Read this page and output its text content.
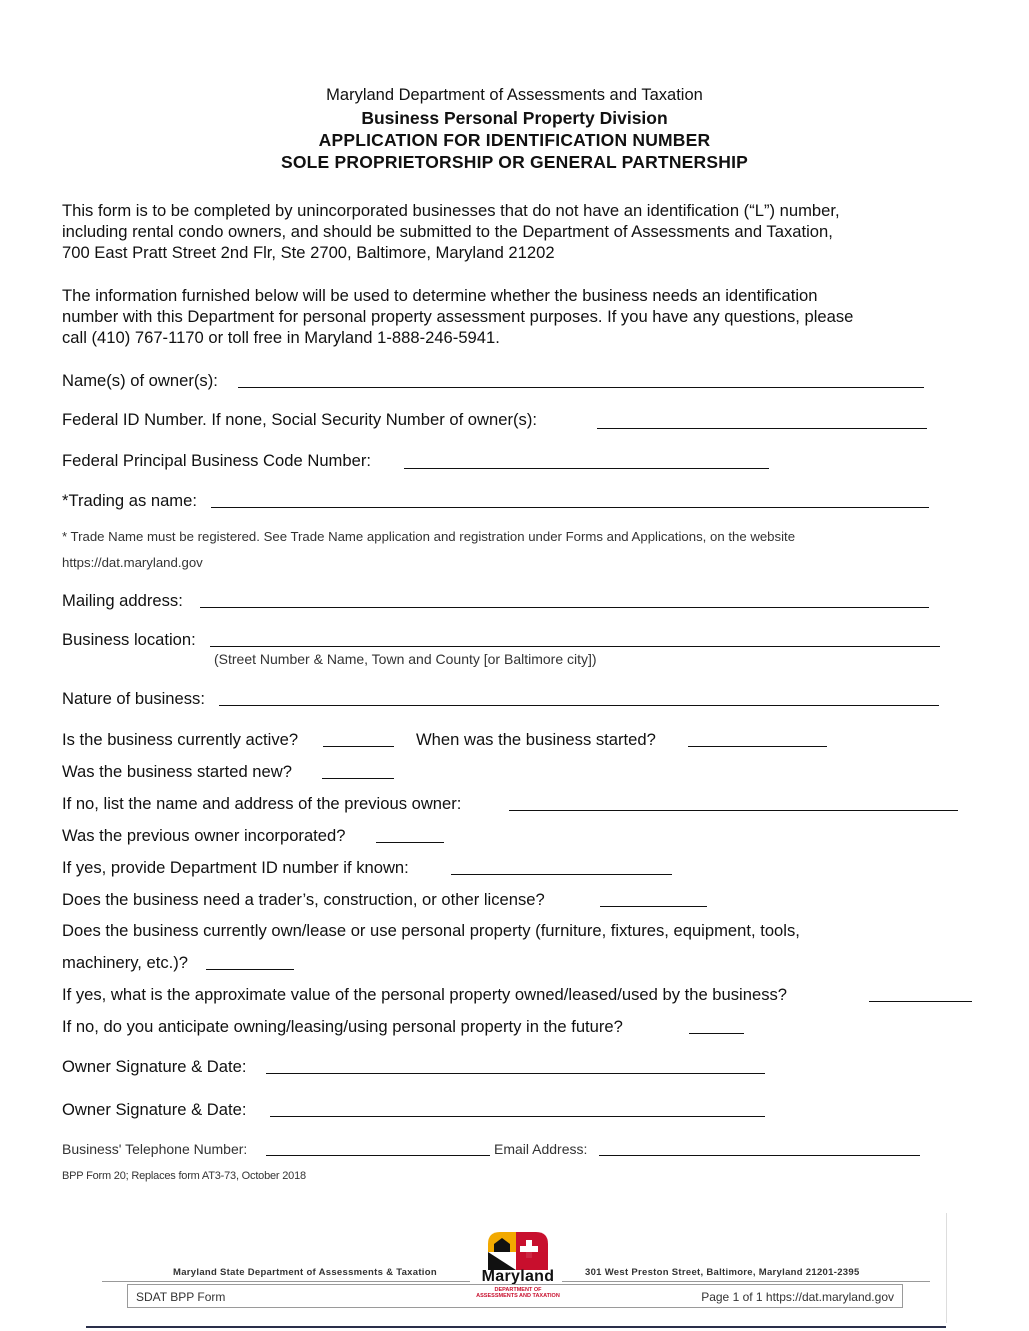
Maryland Department of Assessments and Taxation
Business Personal Property Division
APPLICATION FOR IDENTIFICATION NUMBER
SOLE PROPRIETORSHIP OR GENERAL PARTNERSHIP
This form is to be completed by unincorporated businesses that do not have an identification (“L”) number,
including rental condo owners, and should be submitted to the Department of Assessments and Taxation,
700 East Pratt Street 2nd Flr, Ste 2700, Baltimore, Maryland 21202
The information furnished below will be used to determine whether the business needs an identification
number with this Department for personal property assessment purposes. If you have any questions, please
call (410) 767-1170 or toll free in Maryland 1-888-246-5941.
Name(s) of owner(s):
Federal ID Number. If none, Social Security Number of owner(s):
Federal Principal Business Code Number:
*Trading as name:
* Trade Name must be registered. See Trade Name application and registration under Forms and Applications, on the website
https://dat.maryland.gov
Mailing address:
Business location:
(Street Number & Name, Town and County [or Baltimore city])
Nature of business:
Is the business currently active?	When was the business started?
Was the business started new?
If no, list the name and address of the previous owner:
Was the previous owner incorporated?
If yes, provide Department ID number if known:
Does the business need a trader’s, construction, or other license?
Does the business currently own/lease or use personal property (furniture, fixtures, equipment, tools,
machinery, etc.)?
If yes, what is the approximate value of the personal property owned/leased/used by the business?
If no, do you anticipate owning/leasing/using personal property in the future?
Owner Signature & Date:
Owner Signature & Date:
Business' Telephone Number:	Email Address:
BPP Form 20; Replaces form AT3-73, October 2018
Maryland State Department of Assessments & Taxation	301 West Preston Street, Baltimore, Maryland 21201-2395
Maryland
DEPARTMENT OF
ASSESSMENTS AND TAXATION
SDAT BPP Form	Page 1 of 1 https://dat.maryland.gov
